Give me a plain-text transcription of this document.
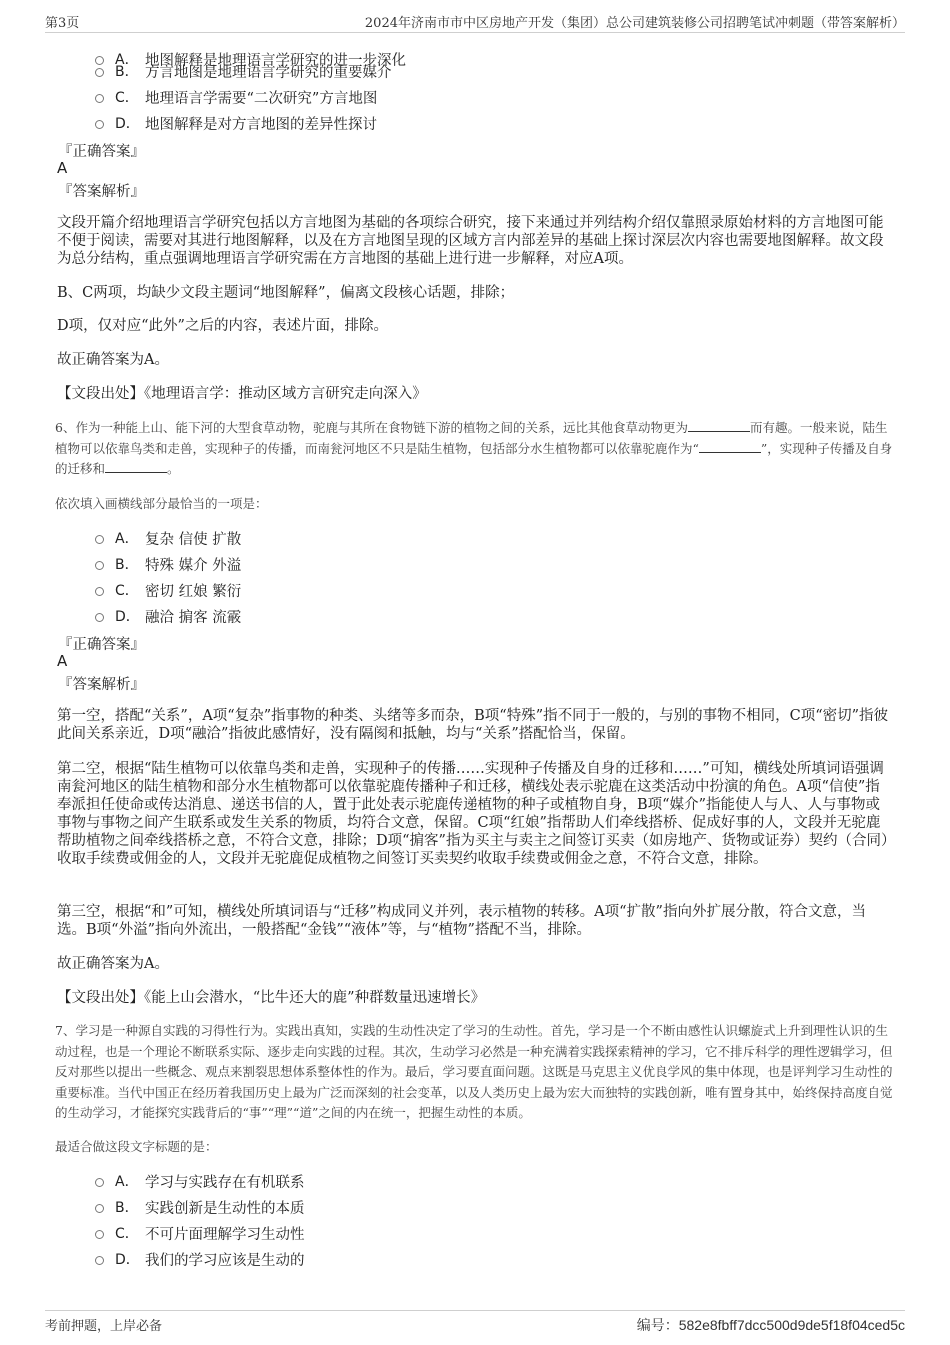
第3页	2024年济南市市中区房地产开发（集团）总公司建筑装修公司招聘笔试冲刺题（带答案解析）
A． 地图解释是地理语言学研究的进一步深化
B． 方言地图是地理语言学研究的重要媒介
C． 地理语言学需要“二次研究”方言地图
D． 地图解释是对方言地图的差异性探讨
『正确答案』
A
『答案解析』
文段开篇介绍地理语言学研究包括以方言地图为基础的各项综合研究，接下来通过并列结构介绍仅靠照录原始材料的方言地图可能不便于阅读，需要对其进行地图解释，以及在方言地图呈现的区域方言内部差异的基础上探讨深层次内容也需要地图解释。故文段为总分结构，重点强调地理语言学研究需在方言地图的基础上进行进一步解释，对应A项。
B、C两项，均缺少文段主题词“地图解释”，偏离文段核心话题，排除；
D项，仅对应“此外”之后的内容，表述片面，排除。
故正确答案为A。
【文段出处】《地理语言学：推动区域方言研究走向深入》
6、作为一种能上山、能下河的大型食草动物，驼鹿与其所在食物链下游的植物之间的关系，远比其他食草动物更为	而有趣。一般来说，陆生植物可以依靠鸟类和走兽，实现种子的传播，而南瓮河地区不只是陆生植物，包括部分水生植物都可以依靠驼鹿作为“	”，实现种子传播及自身的迁移和	。
依次填入画横线部分最恰当的一项是：
A． 复杂 信使 扩散
B． 特殊 媒介 外溢
C． 密切 红娘 繁衍
D． 融洽 掮客 流霰
『正确答案』
A
『答案解析』
第一空，搭配“关系”，A项“复杂”指事物的种类、头绪等多而杂，B项“特殊”指不同于一般的，与别的事物不相同，C项“密切”指彼此间关系亲近，D项“融洽”指彼此感情好，没有隔阂和抵触，均与“关系”搭配恰当，保留。
第二空，根据“陆生植物可以依靠鸟类和走兽，实现种子的传播……实现种子传播及自身的迁移和……”可知，横线处所填词语强调南瓮河地区的陆生植物和部分水生植物都可以依靠驼鹿传播种子和迁移，横线处表示驼鹿在这类活动中扮演的角色。A项“信使”指奉派担任使命或传达消息、递送书信的人，置于此处表示驼鹿传递植物的种子或植物自身，B项“媒介”指能使人与人、人与事物或事物与事物之间产生联系或发生关系的物质，均符合文意，保留。C项“红娘”指帮助人们牵线搭桥、促成好事的人，文段并无驼鹿帮助植物之间牵线搭桥之意，不符合文意，排除；D项“掮客”指为买主与卖主之间签订买卖（如房地产、货物或证券）契约（合同）收取手续费或佣金的人，文段并无驼鹿促成植物之间签订买卖契约收取手续费或佣金之意，不符合文意，排除。
第三空，根据“和”可知，横线处所填词语与“迁移”构成同义并列，表示植物的转移。A项“扩散”指向外扩展分散，符合文意，当选。B项“外溢”指向外流出，一般搭配“金钱”“液体”等，与“植物”搭配不当，排除。
故正确答案为A。
【文段出处】《能上山会潜水，“比牛还大的鹿”种群数量迅速增长》
7、学习是一种源自实践的习得性行为。实践出真知，实践的生动性决定了学习的生动性。首先，学习是一个不断由感性认识螺旋式上升到理性认识的生动过程，也是一个理论不断联系实际、逐步走向实践的过程。其次，生动学习必然是一种充满着实践探索精神的学习，它不排斥科学的理性逻辑学习，但反对那些以提出一些概念、观点来割裂思想体系整体性的作为。最后，学习要直面问题。这既是马克思主义优良学风的集中体现，也是评判学习生动性的重要标准。当代中国正在经历着我国历史上最为广泛而深刻的社会变革，以及人类历史上最为宏大而独特的实践创新，唯有置身其中，始终保持高度自觉的生动学习，才能探究实践背后的“事”“理”“道”之间的内在统一，把握生动性的本质。
最适合做这段文字标题的是：
A． 学习与实践存在有机联系
B． 实践创新是生动性的本质
C． 不可片面理解学习生动性
D． 我们的学习应该是生动的
考前押题，上岸必备	编号：582e8fbff7dcc500d9de5f18f04ced5c
